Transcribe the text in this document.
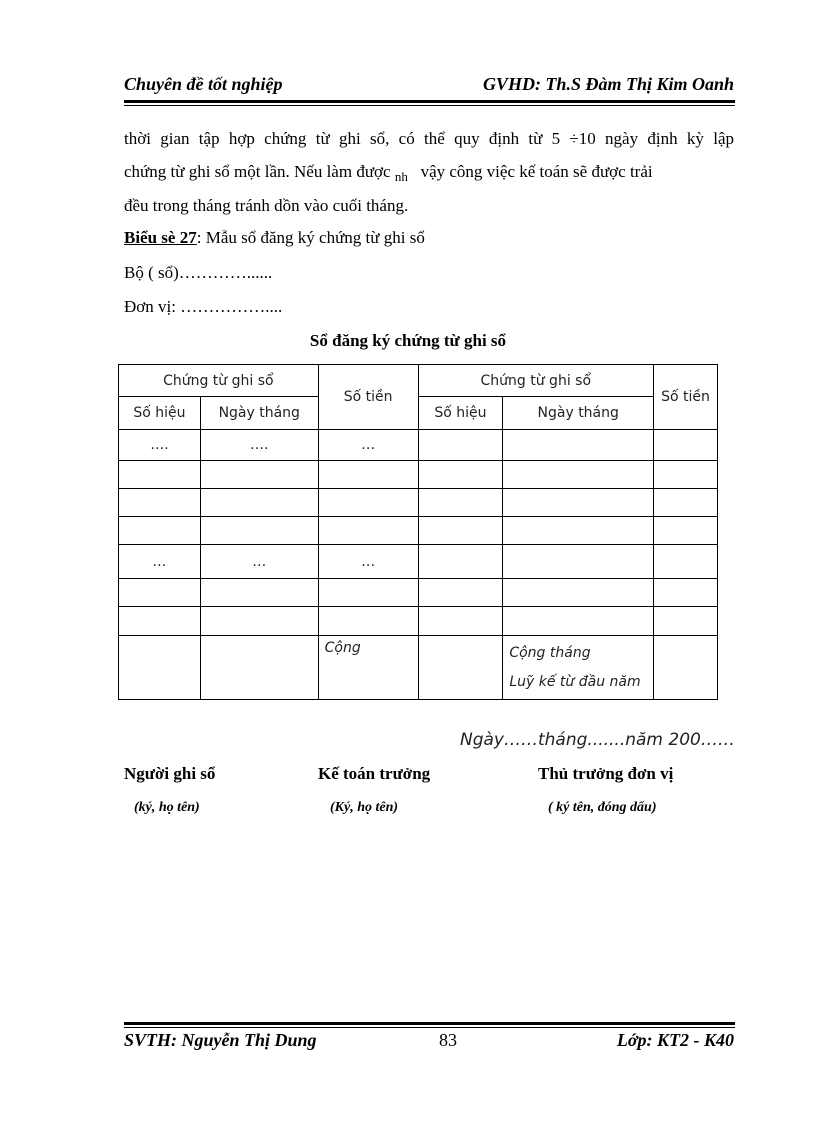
Chuyên đề tốt nghiệp	GVHD: Th.S Đàm Thị Kim Oanh
thời gian tập hợp chứng từ ghi sổ, có thể quy định từ 5 ÷10 ngày định kỳ lập
chứng từ ghi sổ một lần. Nếu làm được $_{nh}$ vậy công việc kế toán sẽ được trải
đều trong tháng tránh dồn vào cuối tháng.
Biểu sè 27: Mẫu sổ đăng ký chứng từ ghi sổ
Bộ ( sổ)…………......
Đơn vị: ……………....
Sổ đăng ký chứng từ ghi sổ
Chứng từ ghi sổ		Số tiền	Chứng từ ghi sổ		Số tiền
Số hiệu	Ngày tháng		Số hiệu	Ngày tháng	
….	….	…			

…	…	…			

		Cộng		Cộng tháng
Luỹ kế từ đầu năm	

Ngày……tháng.......năm 200……
Người ghi sổ	Kế toán trưởng	Thủ trưởng đơn vị
(ký, họ tên)	(Ký, họ tên)	( ký tên, đóng dấu)
SVTH: Nguyễn Thị Dung	83	Lớp: KT2 - K40
